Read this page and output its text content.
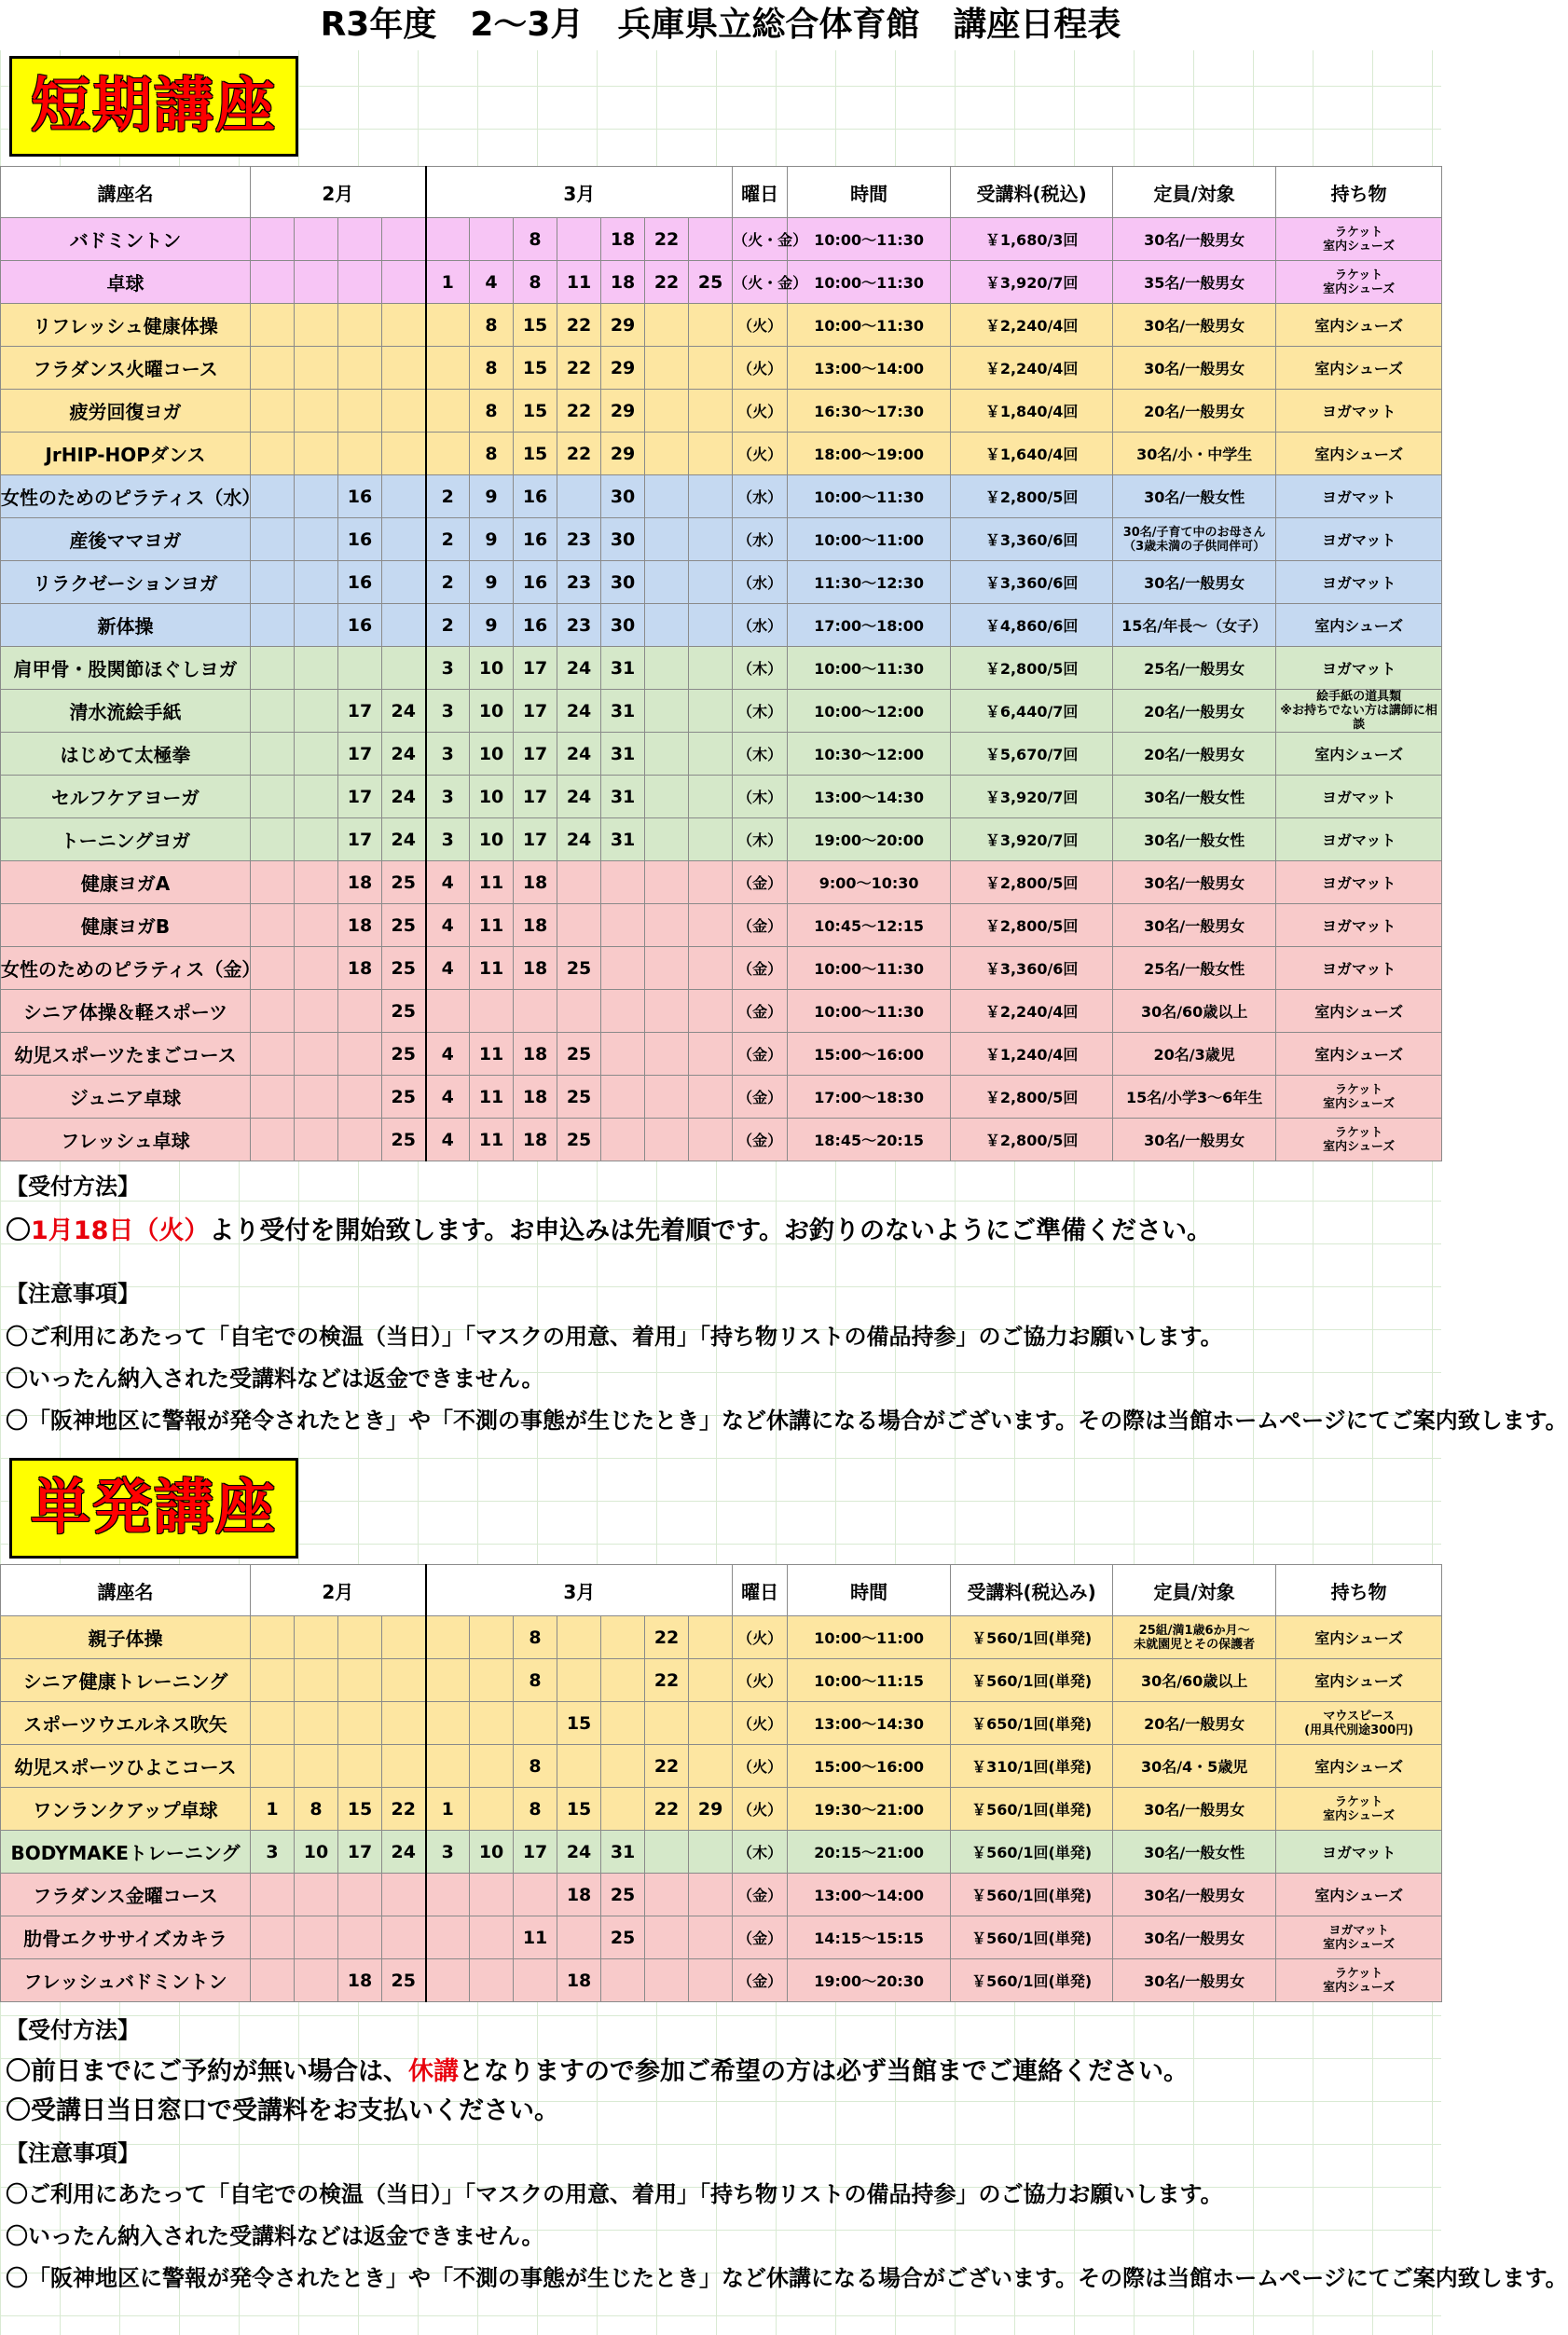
R3年度　2～3月　兵庫県立総合体育館　講座日程表
短期講座
講座名	2月				3月							曜日	時間	受講料(税込)	定員/対象	持ち物
バドミントン							8		18	22		（火・金）	10:00～11:30	￥1,680/3回	30名/一般男女	ラケット
室内シューズ
卓球					1	4	8	11	18	22	25	（火・金）	10:00～11:30	￥3,920/7回	35名/一般男女	ラケット
室内シューズ
リフレッシュ健康体操						8	15	22	29			（火）	10:00～11:30	￥2,240/4回	30名/一般男女	室内シューズ
フラダンス火曜コース						8	15	22	29			（火）	13:00～14:00	￥2,240/4回	30名/一般男女	室内シューズ
疲労回復ヨガ						8	15	22	29			（火）	16:30～17:30	￥1,840/4回	20名/一般男女	ヨガマット
JrHIP-HOPダンス						8	15	22	29			（火）	18:00～19:00	￥1,640/4回	30名/小・中学生	室内シューズ
女性のためのピラティス（水）			16		2	9	16		30			（水）	10:00～11:30	￥2,800/5回	30名/一般女性	ヨガマット
産後ママヨガ			16		2	9	16	23	30			（水）	10:00～11:00	￥3,360/6回	30名/子育て中のお母さん
（3歳未満の子供同伴可）	ヨガマット
リラクゼーションヨガ			16		2	9	16	23	30			（水）	11:30～12:30	￥3,360/6回	30名/一般男女	ヨガマット
新体操			16		2	9	16	23	30			（水）	17:00～18:00	￥4,860/6回	15名/年長～（女子）	室内シューズ
肩甲骨・股関節ほぐしヨガ					3	10	17	24	31			（木）	10:00～11:30	￥2,800/5回	25名/一般男女	ヨガマット
清水流絵手紙			17	24	3	10	17	24	31			（木）	10:00～12:00	￥6,440/7回	20名/一般男女	絵手紙の道具類
※お持ちでない方は講師に相談
はじめて太極拳			17	24	3	10	17	24	31			（木）	10:30～12:00	￥5,670/7回	20名/一般男女	室内シューズ
セルフケアヨーガ			17	24	3	10	17	24	31			（木）	13:00～14:30	￥3,920/7回	30名/一般女性	ヨガマット
トーニングヨガ			17	24	3	10	17	24	31			（木）	19:00～20:00	￥3,920/7回	30名/一般女性	ヨガマット
健康ヨガA			18	25	4	11	18					（金）	9:00～10:30	￥2,800/5回	30名/一般男女	ヨガマット
健康ヨガB			18	25	4	11	18					（金）	10:45～12:15	￥2,800/5回	30名/一般男女	ヨガマット
女性のためのピラティス（金）			18	25	4	11	18	25				（金）	10:00～11:30	￥3,360/6回	25名/一般女性	ヨガマット
シニア体操＆軽スポーツ				25								（金）	10:00～11:30	￥2,240/4回	30名/60歳以上	室内シューズ
幼児スポーツたまごコース				25	4	11	18	25				（金）	15:00～16:00	￥1,240/4回	20名/3歳児	室内シューズ
ジュニア卓球				25	4	11	18	25				（金）	17:00～18:30	￥2,800/5回	15名/小学3～6年生	ラケット
室内シューズ
フレッシュ卓球				25	4	11	18	25				（金）	18:45～20:15	￥2,800/5回	30名/一般男女	ラケット
室内シューズ
【受付方法】
〇1月18日（火）より受付を開始致します。お申込みは先着順です。お釣りのないようにご準備ください。
【注意事項】
〇ご利用にあたって「自宅での検温（当日）」「マスクの用意、着用」「持ち物リストの備品持参」のご協力お願いします。
〇いったん納入された受講料などは返金できません。
〇「阪神地区に警報が発令されたとき」や「不測の事態が生じたとき」など休講になる場合がございます。その際は当館ホームページにてご案内致します。
単発講座
講座名	2月				3月							曜日	時間	受講料(税込み)	定員/対象	持ち物
親子体操							8			22		（火）	10:00～11:00	￥560/1回(単発)	25組/満1歳6か月～
未就園児とその保護者	室内シューズ
シニア健康トレーニング							8			22		（火）	10:00～11:15	￥560/1回(単発)	30名/60歳以上	室内シューズ
スポーツウエルネス吹矢								15				（火）	13:00～14:30	￥650/1回(単発)	20名/一般男女	マウスピース
(用具代別途300円)
幼児スポーツひよこコース							8			22		（火）	15:00～16:00	￥310/1回(単発)	30名/4・5歳児	室内シューズ
ワンランクアップ卓球	1	8	15	22	1		8	15		22	29	（火）	19:30～21:00	￥560/1回(単発)	30名/一般男女	ラケット
室内シューズ
BODYMAKEトレーニング	3	10	17	24	3	10	17	24	31			（木）	20:15～21:00	￥560/1回(単発)	30名/一般女性	ヨガマット
フラダンス金曜コース								18	25			（金）	13:00～14:00	￥560/1回(単発)	30名/一般男女	室内シューズ
肋骨エクササイズカキラ							11		25			（金）	14:15～15:15	￥560/1回(単発)	30名/一般男女	ヨガマット
室内シューズ
フレッシュバドミントン			18	25				18				（金）	19:00～20:30	￥560/1回(単発)	30名/一般男女	ラケット
室内シューズ
【受付方法】
〇前日までにご予約が無い場合は、休講となりますので参加ご希望の方は必ず当館までご連絡ください。
〇受講日当日窓口で受講料をお支払いください。
【注意事項】
〇ご利用にあたって「自宅での検温（当日）」「マスクの用意、着用」「持ち物リストの備品持参」のご協力お願いします。
〇いったん納入された受講料などは返金できません。
〇「阪神地区に警報が発令されたとき」や「不測の事態が生じたとき」など休講になる場合がございます。その際は当館ホームページにてご案内致します。
